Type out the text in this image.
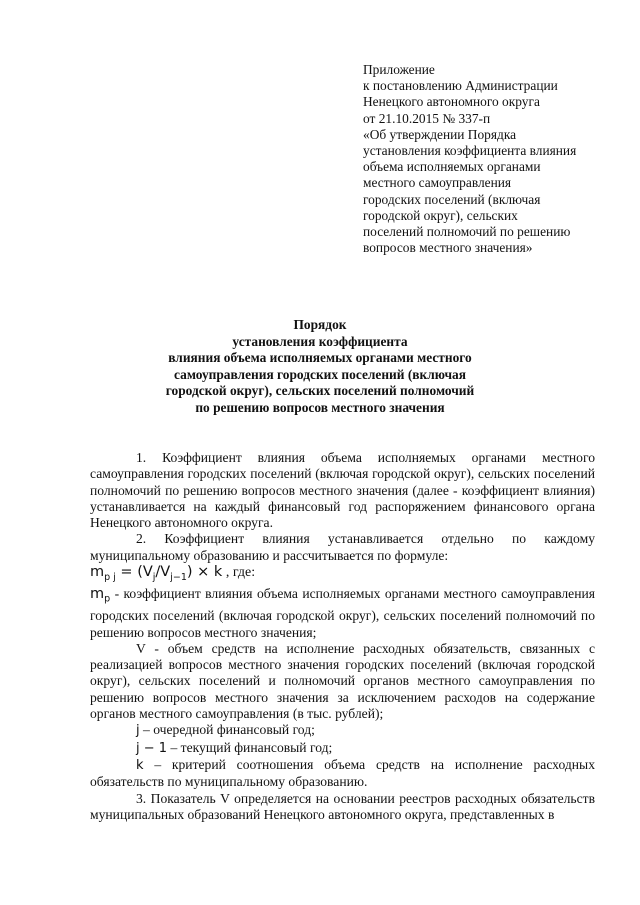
Приложение
к постановлению Администрации
Ненецкого автономного округа
от 21.10.2015 № 337-п
«Об утверждении Порядка
установления коэффициента влияния
объема исполняемых органами
местного самоуправления
городских поселений (включая
городской округ), сельских
поселений полномочий по решению
вопросов местного значения»
Порядок
установления коэффициента
влияния объема исполняемых органами местного
самоуправления городских поселений (включая
городской округ), сельских поселений полномочий
по решению вопросов местного значения

1. Коэффициент влияния объема исполняемых органами местного самоуправления городских поселений (включая городской округ), сельских поселений полномочий по решению вопросов местного значения (далее - коэффициент влияния) устанавливается на каждый финансовый год распоряжением финансового органа Ненецкого автономного округа.

2. Коэффициент влияния устанавливается отдельно по каждому муниципальному образованию и рассчитывается по формуле:

$m_{p j} = (V_j/V_{j-1}) \times k$ , где:

$m_p$ - коэффициент влияния объема исполняемых органами местного самоуправления городских поселений (включая городской округ), сельских поселений полномочий по решению вопросов местного значения;

V - объем средств на исполнение расходных обязательств, связанных с реализацией вопросов местного значения городских поселений (включая городской округ), сельских поселений и полномочий органов местного самоуправления по решению вопросов местного значения за исключением расходов на содержание органов местного самоуправления (в тыс. рублей);

j – очередной финансовый год;

j − 1 – текущий финансовый год;

k – критерий соотношения объема средств на исполнение расходных обязательств по муниципальному образованию.

3. Показатель V определяется на основании реестров расходных обязательств муниципальных образований Ненецкого автономного округа, представленных в
